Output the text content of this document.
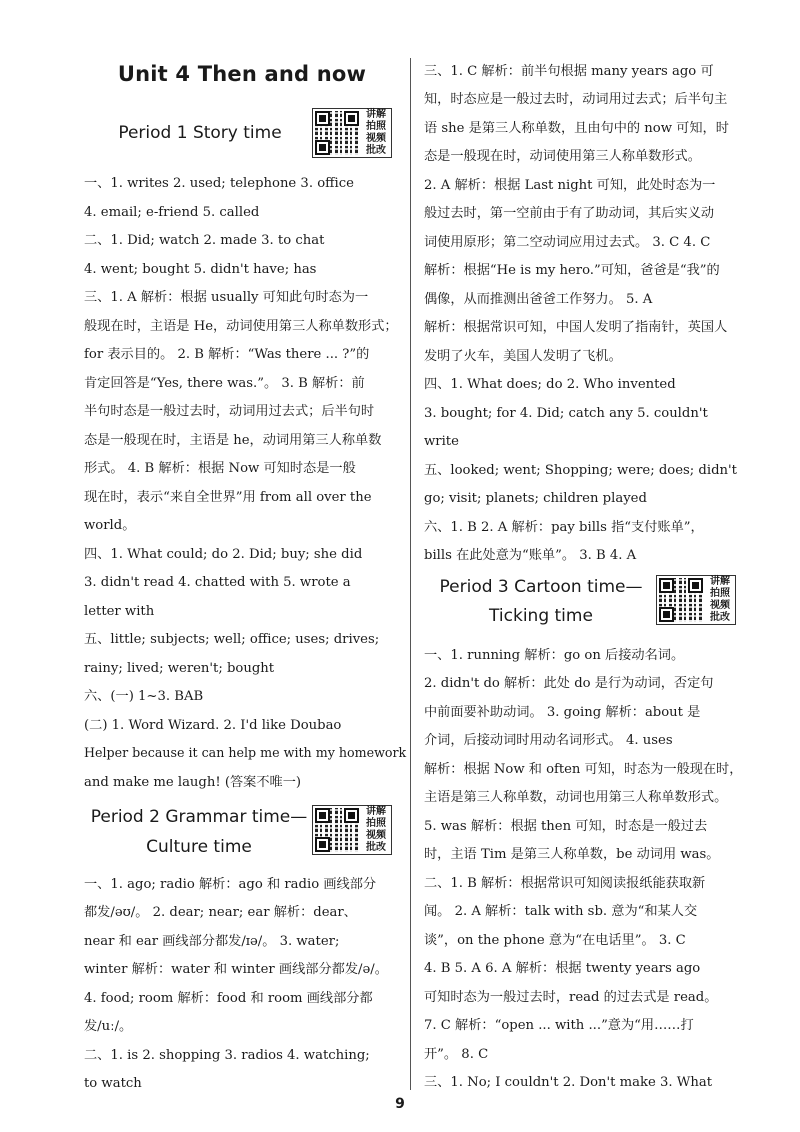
Unit 4 Then and now
Period 1 Story time
讲解拍照视频批改
Period 2 Grammar time—
Culture time
讲解拍照视频批改
Period 3 Cartoon time—
Ticking time
讲解拍照视频批改
一、1. writes 2. used; telephone 3. office
4. email; e-friend 5. called
二、1. Did; watch 2. made 3. to chat
4. went; bought 5. didn't have; has
三、1. A 解析：根据 usually 可知此句时态为一
般现在时，主语是 He，动词使用第三人称单数形式；
for 表示目的。 2. B 解析：“Was there ... ?”的
肯定回答是“Yes, there was.”。 3. B 解析：前
半句时态是一般过去时，动词用过去式；后半句时
态是一般现在时，主语是 he，动词用第三人称单数
形式。 4. B 解析：根据 Now 可知时态是一般
现在时，表示“来自全世界”用 from all over the
world。
四、1. What could; do 2. Did; buy; she did
3. didn't read 4. chatted with 5. wrote a
letter with
五、little; subjects; well; office; uses; drives;
rainy; lived; weren't; bought
六、(一) 1~3. BAB
(二) 1. Word Wizard. 2. I'd like Doubao
Helper because it can help me with my homework
and make me laugh! (答案不唯一)
一、1. ago; radio 解析：ago 和 radio 画线部分
都发/əʊ/。 2. dear; near; ear 解析：dear、
near 和 ear 画线部分都发/ɪə/。 3. water;
winter 解析：water 和 winter 画线部分都发/ə/。
4. food; room 解析：food 和 room 画线部分都
发/uː/。
二、1. is 2. shopping 3. radios 4. watching;
to watch
三、1. C 解析：前半句根据 many years ago 可
知，时态应是一般过去时，动词用过去式；后半句主
语 she 是第三人称单数，且由句中的 now 可知，时
态是一般现在时，动词使用第三人称单数形式。
2. A 解析：根据 Last night 可知，此处时态为一
般过去时，第一空前由于有了助动词，其后实义动
词使用原形；第二空动词应用过去式。 3. C 4. C
解析：根据“He is my hero.”可知，爸爸是“我”的
偶像，从而推测出爸爸工作努力。 5. A
解析：根据常识可知，中国人发明了指南针，英国人
发明了火车，美国人发明了飞机。
四、1. What does; do 2. Who invented
3. bought; for 4. Did; catch any 5. couldn't
write
五、looked; went; Shopping; were; does; didn't
go; visit; planets; children played
六、1. B 2. A 解析：pay bills 指“支付账单”，
bills 在此处意为“账单”。 3. B 4. A
一、1. running 解析：go on 后接动名词。
2. didn't do 解析：此处 do 是行为动词，否定句
中前面要补助动词。 3. going 解析：about 是
介词，后接动词时用动名词形式。 4. uses
解析：根据 Now 和 often 可知，时态为一般现在时，
主语是第三人称单数，动词也用第三人称单数形式。
5. was 解析：根据 then 可知，时态是一般过去
时，主语 Tim 是第三人称单数，be 动词用 was。
二、1. B 解析：根据常识可知阅读报纸能获取新
闻。 2. A 解析：talk with sb. 意为“和某人交
谈”，on the phone 意为“在电话里”。 3. C
4. B 5. A 6. A 解析：根据 twenty years ago
可知时态为一般过去时，read 的过去式是 read。
7. C 解析：“open ... with ...”意为“用……打
开”。 8. C
三、1. No; I couldn't 2. Don't make 3. What
9
